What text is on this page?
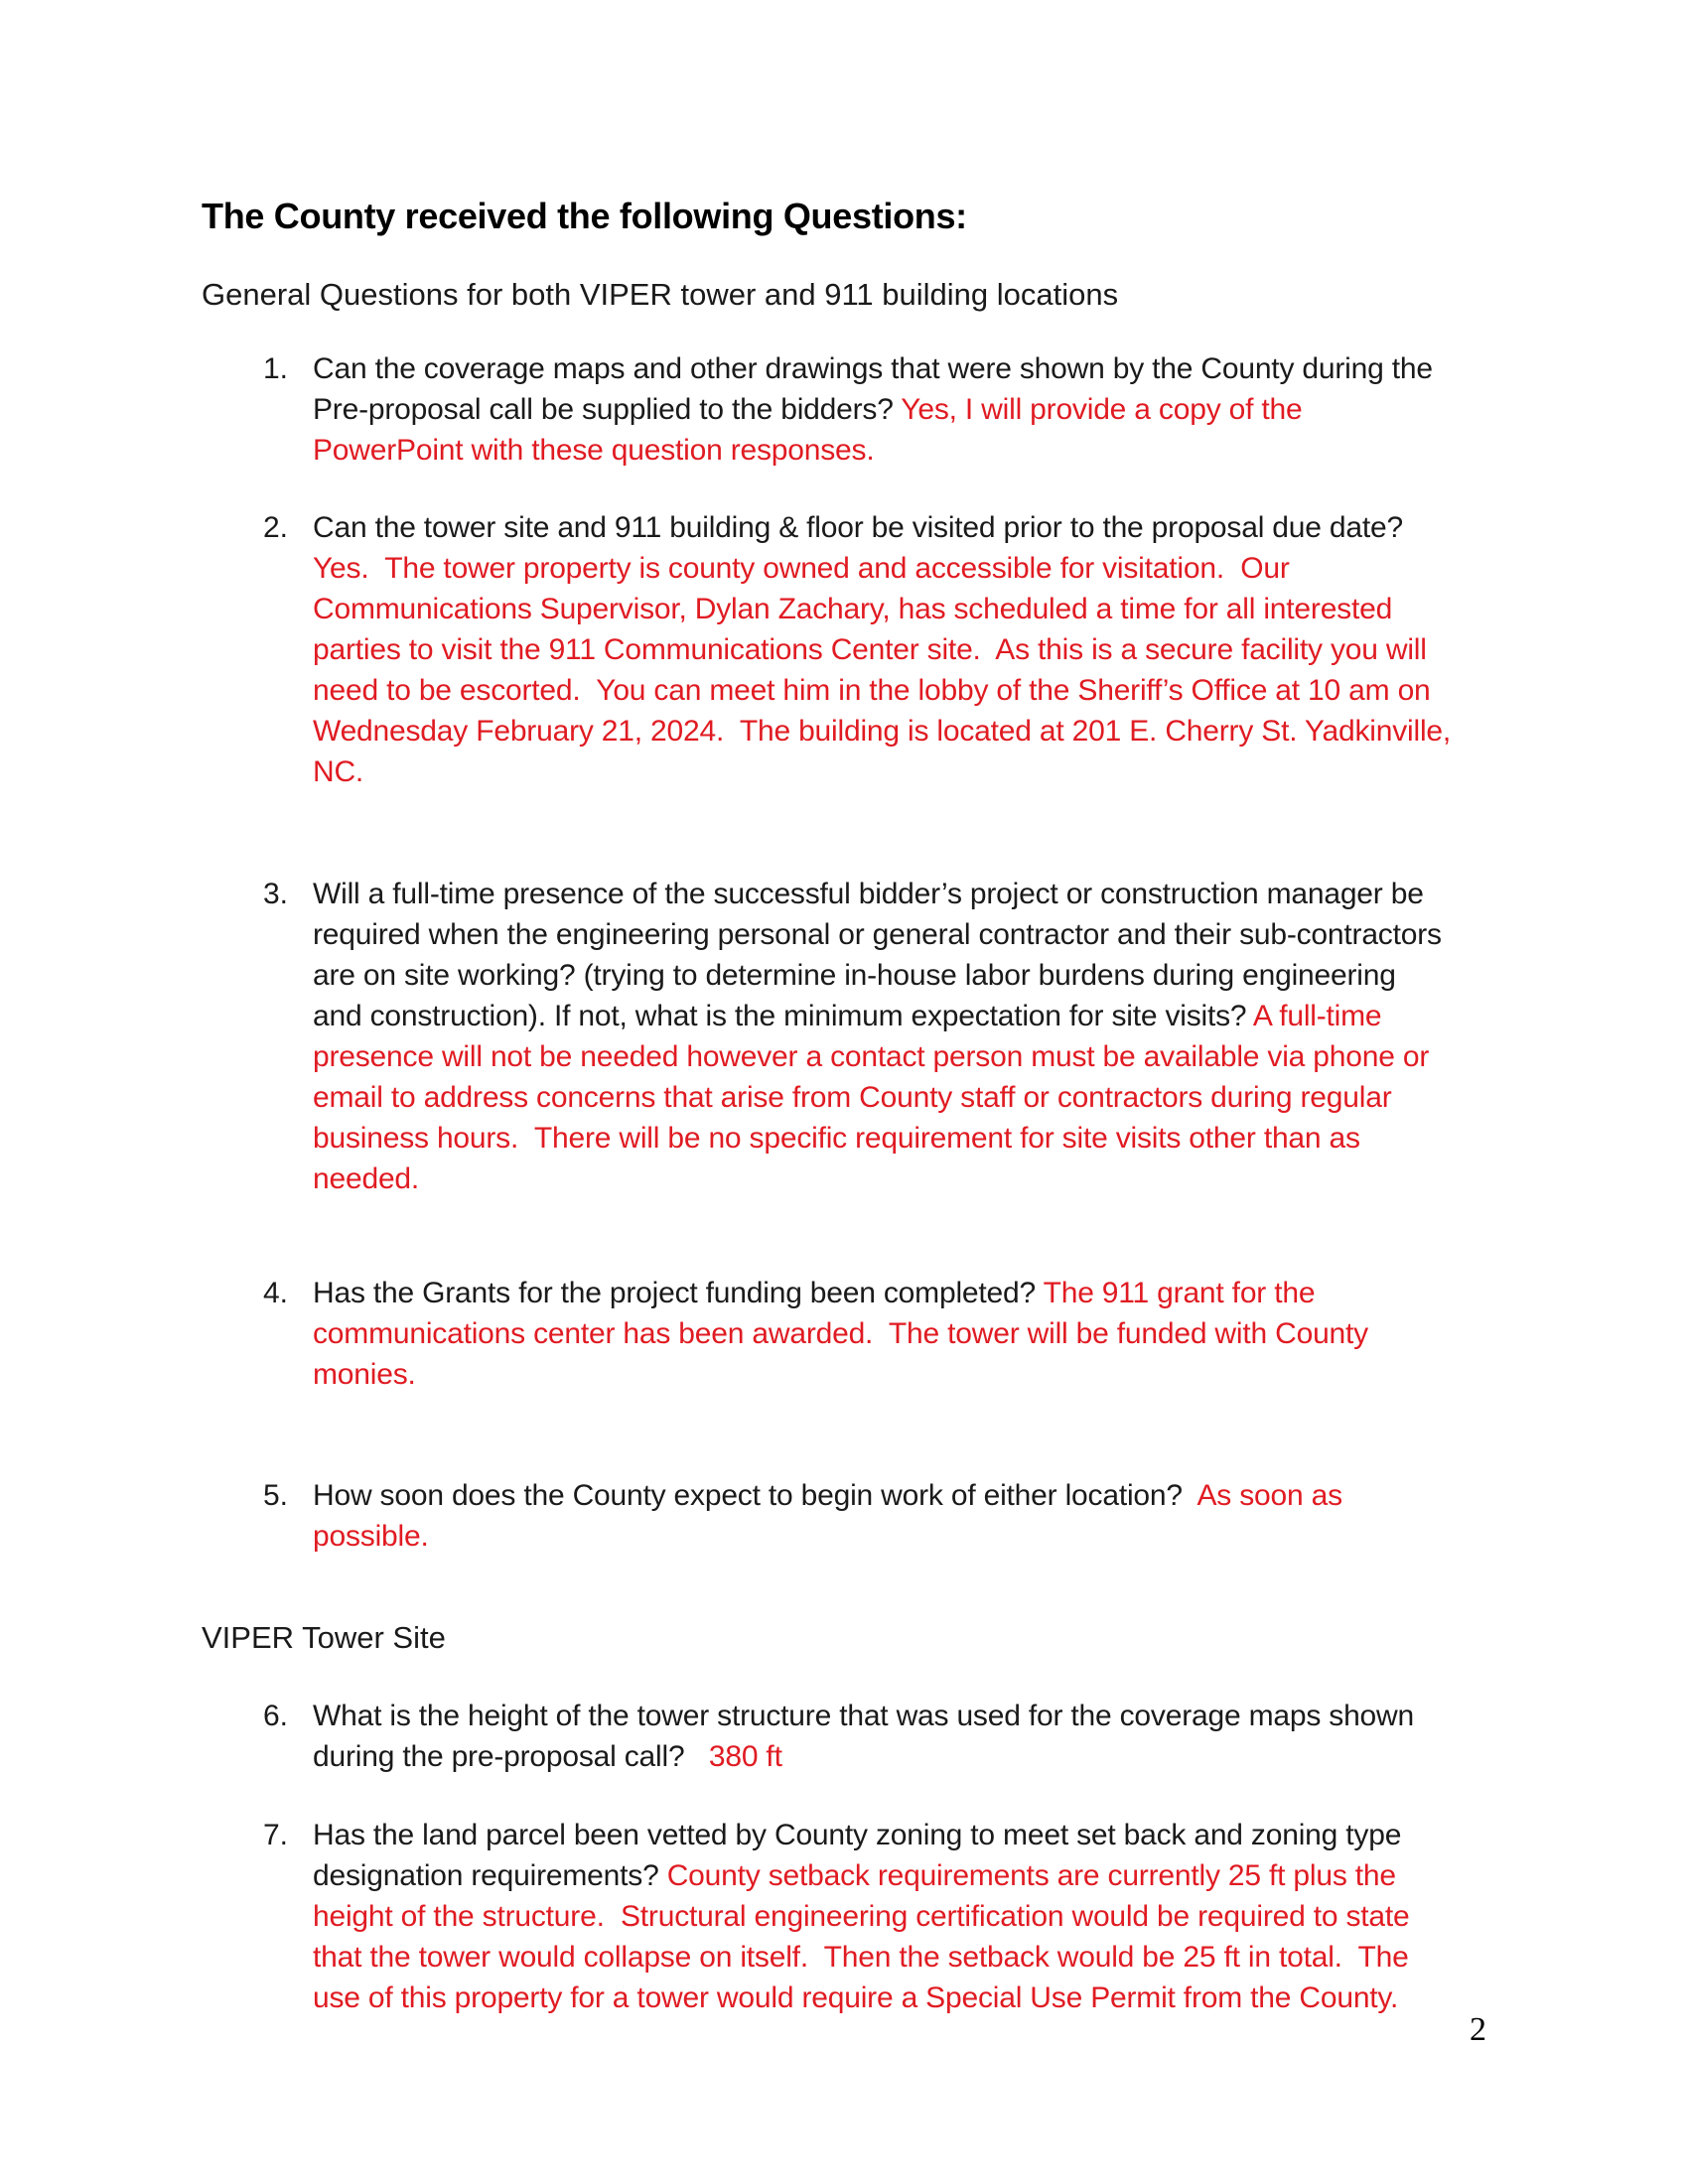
The County received the following Questions:
General Questions for both VIPER tower and 911 building locations
1. Can the coverage maps and other drawings that were shown by the County during the Pre-proposal call be supplied to the bidders? Yes, I will provide a copy of the PowerPoint with these question responses.
2. Can the tower site and 911 building & floor be visited prior to the proposal due date? Yes.  The tower property is county owned and accessible for visitation.  Our Communications Supervisor, Dylan Zachary, has scheduled a time for all interested parties to visit the 911 Communications Center site.  As this is a secure facility you will need to be escorted.  You can meet him in the lobby of the Sheriff’s Office at 10 am on Wednesday February 21, 2024.  The building is located at 201 E. Cherry St. Yadkinville, NC.
3. Will a full-time presence of the successful bidder’s project or construction manager be required when the engineering personal or general contractor and their sub-contractors are on site working? (trying to determine in-house labor burdens during engineering and construction). If not, what is the minimum expectation for site visits? A full-time presence will not be needed however a contact person must be available via phone or email to address concerns that arise from County staff or contractors during regular business hours.  There will be no specific requirement for site visits other than as needed.
4. Has the Grants for the project funding been completed? The 911 grant for the communications center has been awarded.  The tower will be funded with County monies.
5. How soon does the County expect to begin work of either location?  As soon as possible.
VIPER Tower Site
6. What is the height of the tower structure that was used for the coverage maps shown during the pre-proposal call?   380 ft
7. Has the land parcel been vetted by County zoning to meet set back and zoning type designation requirements? County setback requirements are currently 25 ft plus the height of the structure.  Structural engineering certification would be required to state that the tower would collapse on itself.  Then the setback would be 25 ft in total.  The use of this property for a tower would require a Special Use Permit from the County.
2
